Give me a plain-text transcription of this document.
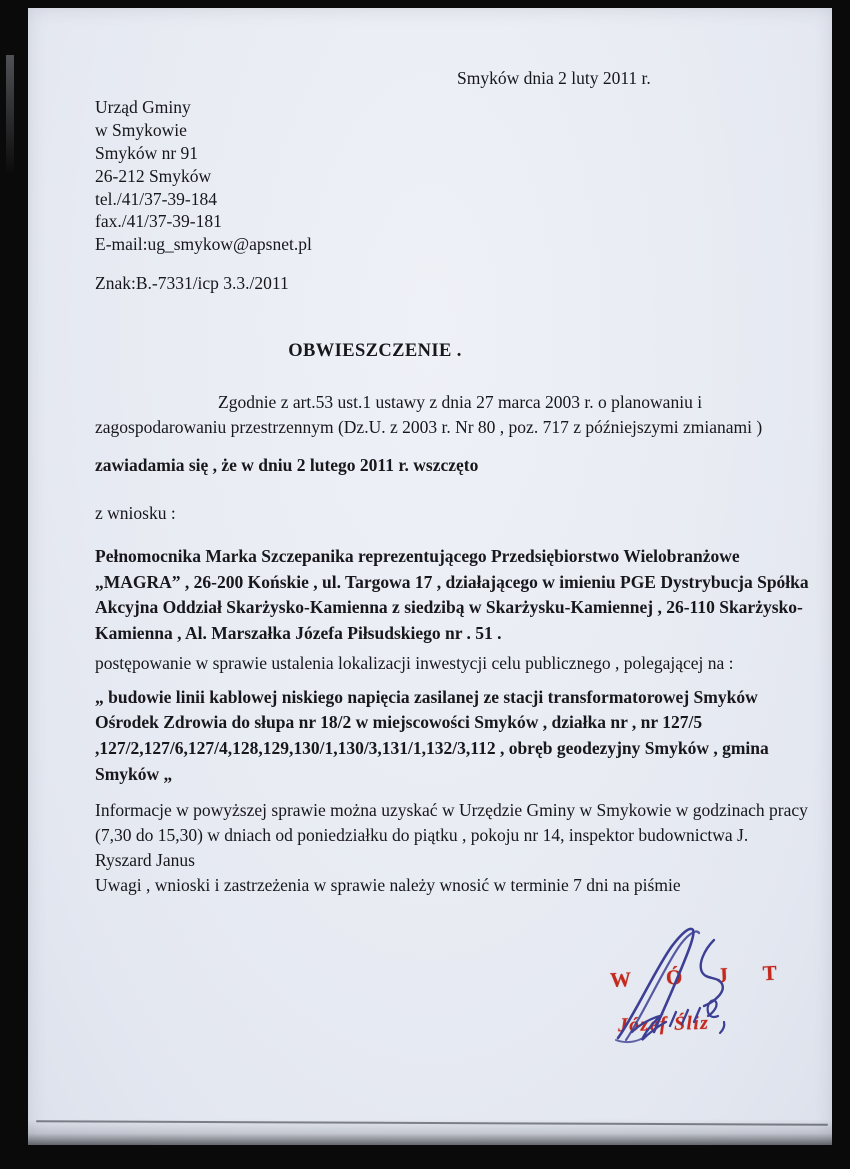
Smyków dnia 2 luty 2011 r.
Urząd Gminy
w Smykowie
Smyków nr 91
26-212 Smyków
tel./41/37-39-184
fax./41/37-39-181
E-mail:ug_smykow@apsnet.pl
Znak:B.-7331/icp 3.3./2011
OBWIESZCZENIE .
Zgodnie z art.53 ust.1 ustawy z dnia 27 marca 2003 r. o planowaniu i zagospodarowaniu przestrzennym (Dz.U. z 2003 r. Nr 80 , poz. 717 z późniejszymi zmianami )
zawiadamia się , że w dniu 2 lutego 2011 r. wszczęto
z wniosku :
Pełnomocnika Marka Szczepanika reprezentującego Przedsiębiorstwo Wielobranżowe „MAGRA” , 26-200 Końskie , ul. Targowa 17 , działającego w imieniu PGE Dystrybucja Spółka Akcyjna Oddział Skarżysko-Kamienna z siedzibą w Skarżysku-Kamiennej , 26-110 Skarżysko-Kamienna , Al. Marszałka Józefa Piłsudskiego nr . 51 .
postępowanie w sprawie ustalenia lokalizacji inwestycji celu publicznego , polegającej na :
„ budowie linii kablowej niskiego napięcia zasilanej ze stacji transformatorowej Smyków Ośrodek Zdrowia do słupa nr 18/2 w miejscowości Smyków , działka nr , nr 127/5 ,127/2,127/6,127/4,128,129,130/1,130/3,131/1,132/3,112 , obręb geodezyjny Smyków , gmina Smyków „
Informacje w powyższej sprawie można uzyskać w Urzędzie Gminy w Smykowie w godzinach pracy (7,30 do 15,30) w dniach od poniedziałku do piątku , pokoju nr 14, inspektor budownictwa J. Ryszard Janus
Uwagi , wnioski i zastrzeżenia w sprawie należy wnosić w terminie 7 dni na piśmie
W Ó J T
Józef Śliz
